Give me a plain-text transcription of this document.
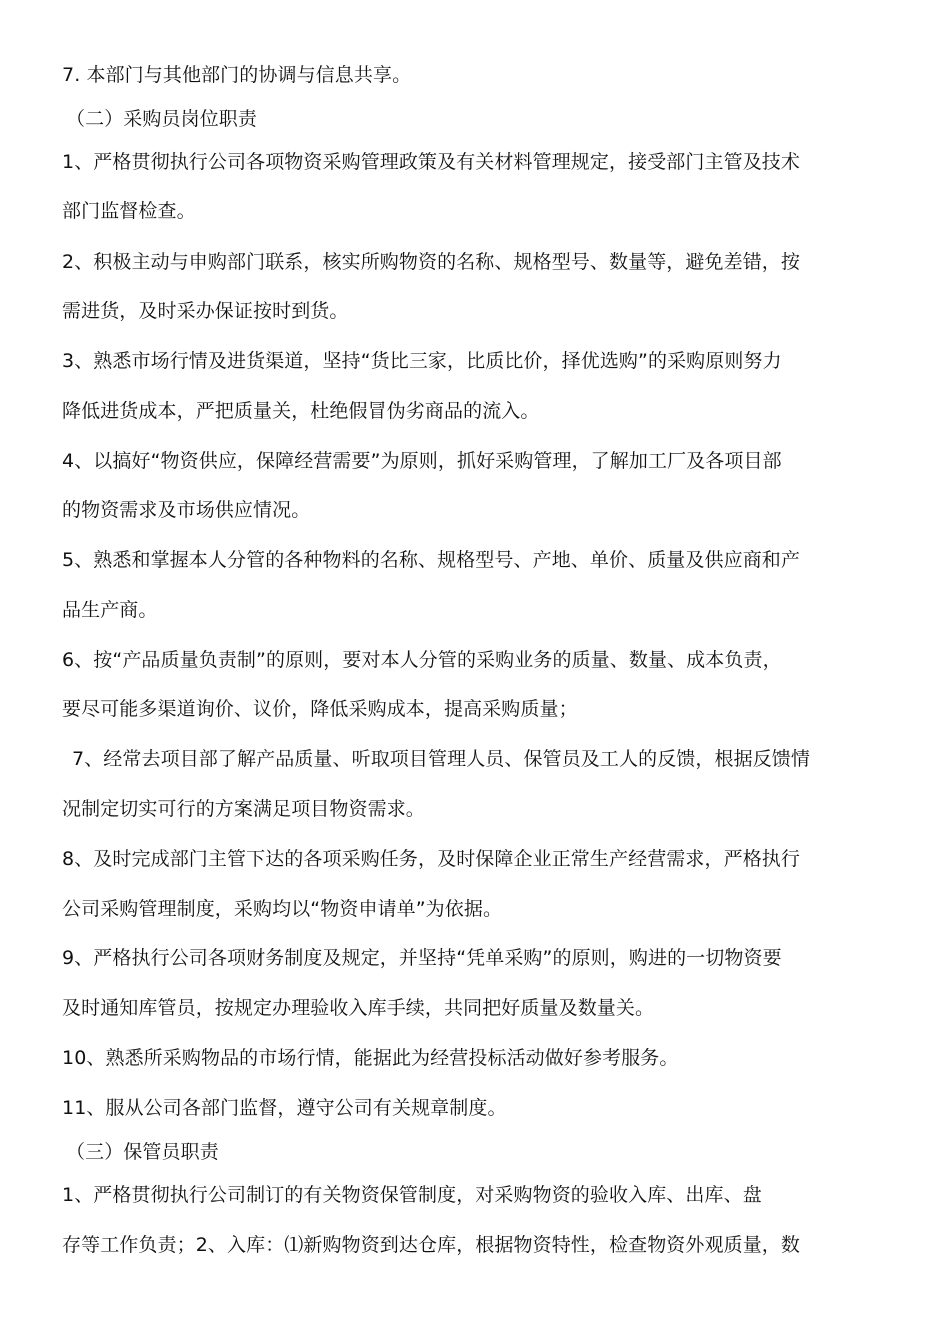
7. 本部门与其他部门的协调与信息共享。

（二）采购员岗位职责

1、严格贯彻执行公司各项物资采购管理政策及有关材料管理规定，接受部门主管及技术

部门监督检查。

2、积极主动与申购部门联系，核实所购物资的名称、规格型号、数量等，避免差错，按

需进货，及时采办保证按时到货。

3、熟悉市场行情及进货渠道，坚持“货比三家，比质比价，择优选购”的采购原则努力

降低进货成本，严把质量关，杜绝假冒伪劣商品的流入。

4、以搞好“物资供应，保障经营需要”为原则，抓好采购管理，了解加工厂及各项目部

的物资需求及市场供应情况。

5、熟悉和掌握本人分管的各种物料的名称、规格型号、产地、单价、质量及供应商和产

品生产商。

6、按“产品质量负责制”的原则，要对本人分管的采购业务的质量、数量、成本负责，

要尽可能多渠道询价、议价，降低采购成本，提高采购质量；

7、经常去项目部了解产品质量、听取项目管理人员、保管员及工人的反馈，根据反馈情

况制定切实可行的方案满足项目物资需求。

8、及时完成部门主管下达的各项采购任务，及时保障企业正常生产经营需求，严格执行

公司采购管理制度，采购均以“物资申请单”为依据。

9、严格执行公司各项财务制度及规定，并坚持“凭单采购”的原则，购进的一切物资要

及时通知库管员，按规定办理验收入库手续，共同把好质量及数量关。

10、熟悉所采购物品的市场行情，能据此为经营投标活动做好参考服务。

11、服从公司各部门监督，遵守公司有关规章制度。

（三）保管员职责

1、严格贯彻执行公司制订的有关物资保管制度，对采购物资的验收入库、出库、盘

存等工作负责；2、入库：⑴新购物资到达仓库，根据物资特性，检查物资外观质量，数
